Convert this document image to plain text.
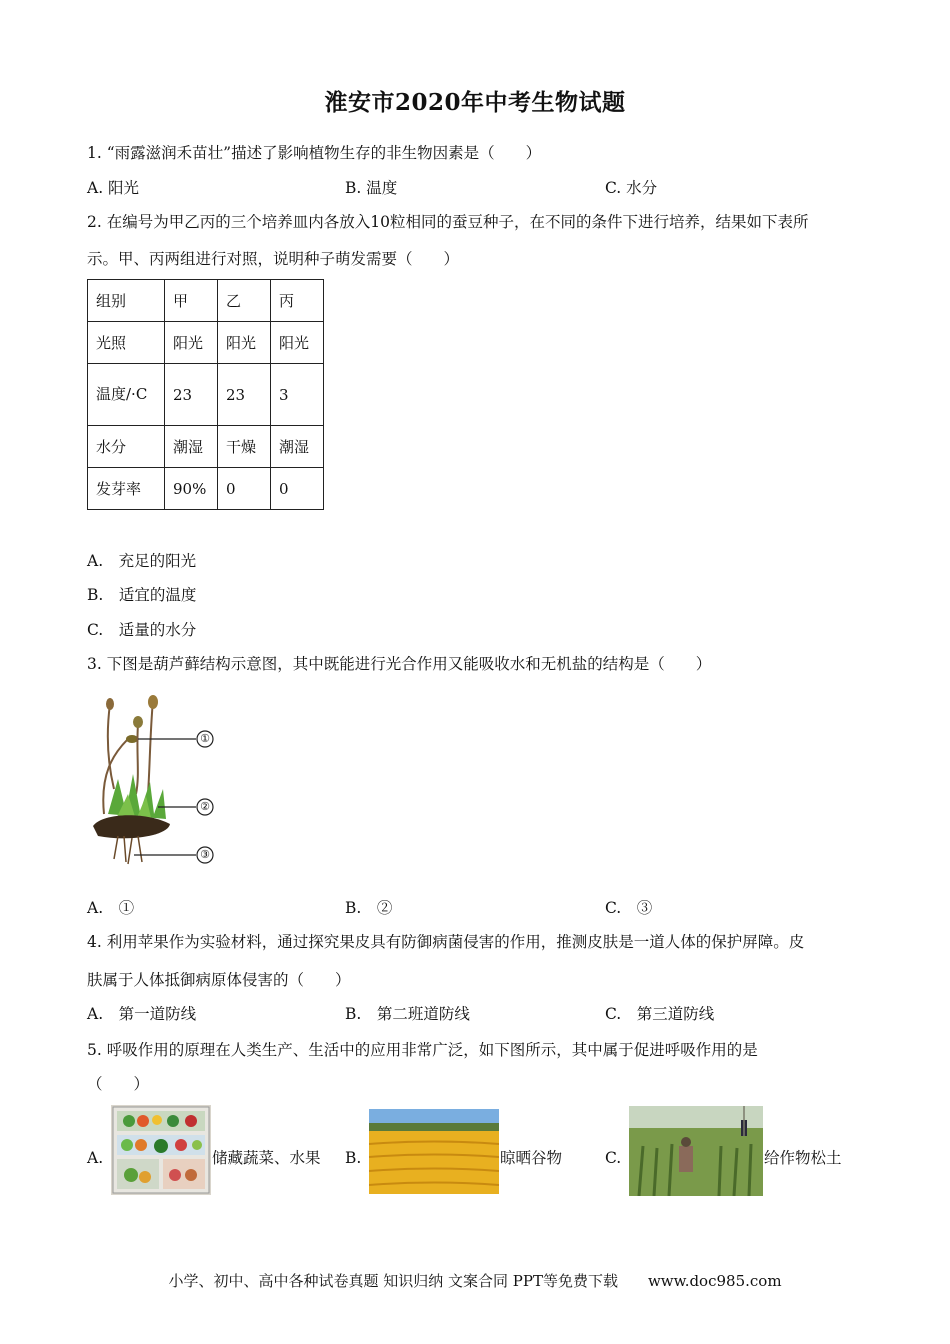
淮安市2020年中考生物试题
1. “雨露滋润禾苗壮”描述了影响植物生存的非生物因素是（　　）
A. 阳光	B. 温度	C. 水分
2. 在编号为甲乙丙的三个培养皿内各放入10粒相同的蚕豆种子，在不同的条件下进行培养，结果如下表所
示。甲、丙两组进行对照，说明种子萌发需要（　　）
组别	甲	乙	丙
光照	阳光	阳光	阳光
温度/·C	23	23	3
水分	潮湿	干燥	潮湿
发芽率	90%	0	0
A.　充足的阳光
B.　适宜的温度
C.　适量的水分
3. 下图是葫芦藓结构示意图，其中既能进行光合作用又能吸收水和无机盐的结构是（　　）
①
②
③
A.　①	B.　②	C.　③
4. 利用苹果作为实验材料，通过探究果皮具有防御病菌侵害的作用，推测皮肤是一道人体的保护屏障。皮
肤属于人体抵御病原体侵害的（　　）
A.　第一道防线	B.　第二班道防线	C.　第三道防线
5. 呼吸作用的原理在人类生产、生活中的应用非常广泛，如下图所示，其中属于促进呼吸作用的是
（　　）
A.	储藏蔬菜、水果 B.	晾晒谷物	C.	给作物松土
小学、初中、高中各种试卷真题 知识归纳 文案合同 PPT等免费下载　　www.doc985.com
